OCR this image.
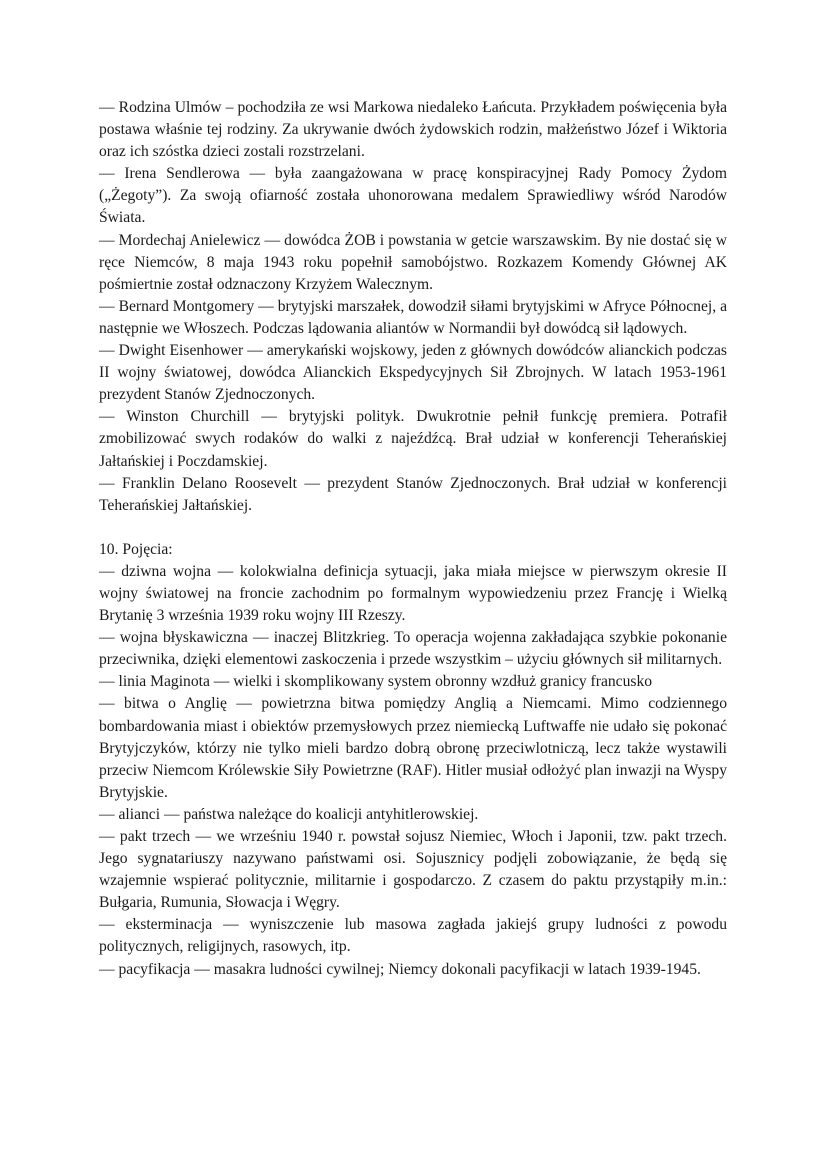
— Rodzina Ulmów – pochodziła ze wsi Markowa niedaleko Łańcuta. Przykładem poświęcenia była postawa właśnie tej rodziny. Za ukrywanie dwóch żydowskich rodzin, małżeństwo Józef i Wiktoria oraz ich szóstka dzieci zostali rozstrzelani.

— Irena Sendlerowa — była zaangażowana w pracę konspiracyjnej Rady Pomocy Żydom („Żegoty”). Za swoją ofiarność została uhonorowana medalem Sprawiedliwy wśród Narodów Świata.

— Mordechaj Anielewicz — dowódca ŻOB i powstania w getcie warszawskim. By nie dostać się w ręce Niemców, 8 maja 1943 roku popełnił samobójstwo. Rozkazem Komendy Głównej AK pośmiertnie został odznaczony Krzyżem Walecznym.

— Bernard Montgomery — brytyjski marszałek, dowodził siłami brytyjskimi w Afryce Północnej, a następnie we Włoszech. Podczas lądowania aliantów w Normandii był dowódcą sił lądowych.

— Dwight Eisenhower — amerykański wojskowy, jeden z głównych dowódców alianckich podczas II wojny światowej, dowódca Alianckich Ekspedycyjnych Sił Zbrojnych. W latach 1953-1961 prezydent Stanów Zjednoczonych.

— Winston Churchill — brytyjski polityk. Dwukrotnie pełnił funkcję premiera. Potrafił zmobilizować swych rodaków do walki z najeźdźcą. Brał udział w konferencji Teherańskiej Jałtańskiej i Poczdamskiej.

— Franklin Delano Roosevelt — prezydent Stanów Zjednoczonych. Brał udział w konferencji Teherańskiej Jałtańskiej.

10. Pojęcia:

— dziwna wojna — kolokwialna definicja sytuacji, jaka miała miejsce w pierwszym okresie II wojny światowej na froncie zachodnim po formalnym wypowiedzeniu przez Francję i Wielką Brytanię 3 września 1939 roku wojny III Rzeszy.

— wojna błyskawiczna — inaczej Blitzkrieg. To operacja wojenna zakładająca szybkie pokonanie przeciwnika, dzięki elementowi zaskoczenia i przede wszystkim – użyciu głównych sił militarnych.

— linia Maginota — wielki i skomplikowany system obronny wzdłuż granicy francusko

— bitwa o Anglię — powietrzna bitwa pomiędzy Anglią a Niemcami. Mimo codziennego bombardowania miast i obiektów przemysłowych przez niemiecką Luftwaffe nie udało się pokonać Brytyjczyków, którzy nie tylko mieli bardzo dobrą obronę przeciwlotniczą, lecz także wystawili przeciw Niemcom Królewskie Siły Powietrzne (RAF). Hitler musiał odłożyć plan inwazji na Wyspy Brytyjskie.

— alianci — państwa należące do koalicji antyhitlerowskiej.

— pakt trzech — we wrześniu 1940 r. powstał sojusz Niemiec, Włoch i Japonii, tzw. pakt trzech. Jego sygnatariuszy nazywano państwami osi. Sojusznicy podjęli zobowiązanie, że będą się wzajemnie wspierać politycznie, militarnie i gospodarczo. Z czasem do paktu przystąpiły m.in.: Bułgaria, Rumunia, Słowacja i Węgry.

— eksterminacja — wyniszczenie lub masowa zagłada jakiejś grupy ludności z powodu politycznych, religijnych, rasowych, itp.

— pacyfikacja — masakra ludności cywilnej; Niemcy dokonali pacyfikacji w latach 1939-1945.
